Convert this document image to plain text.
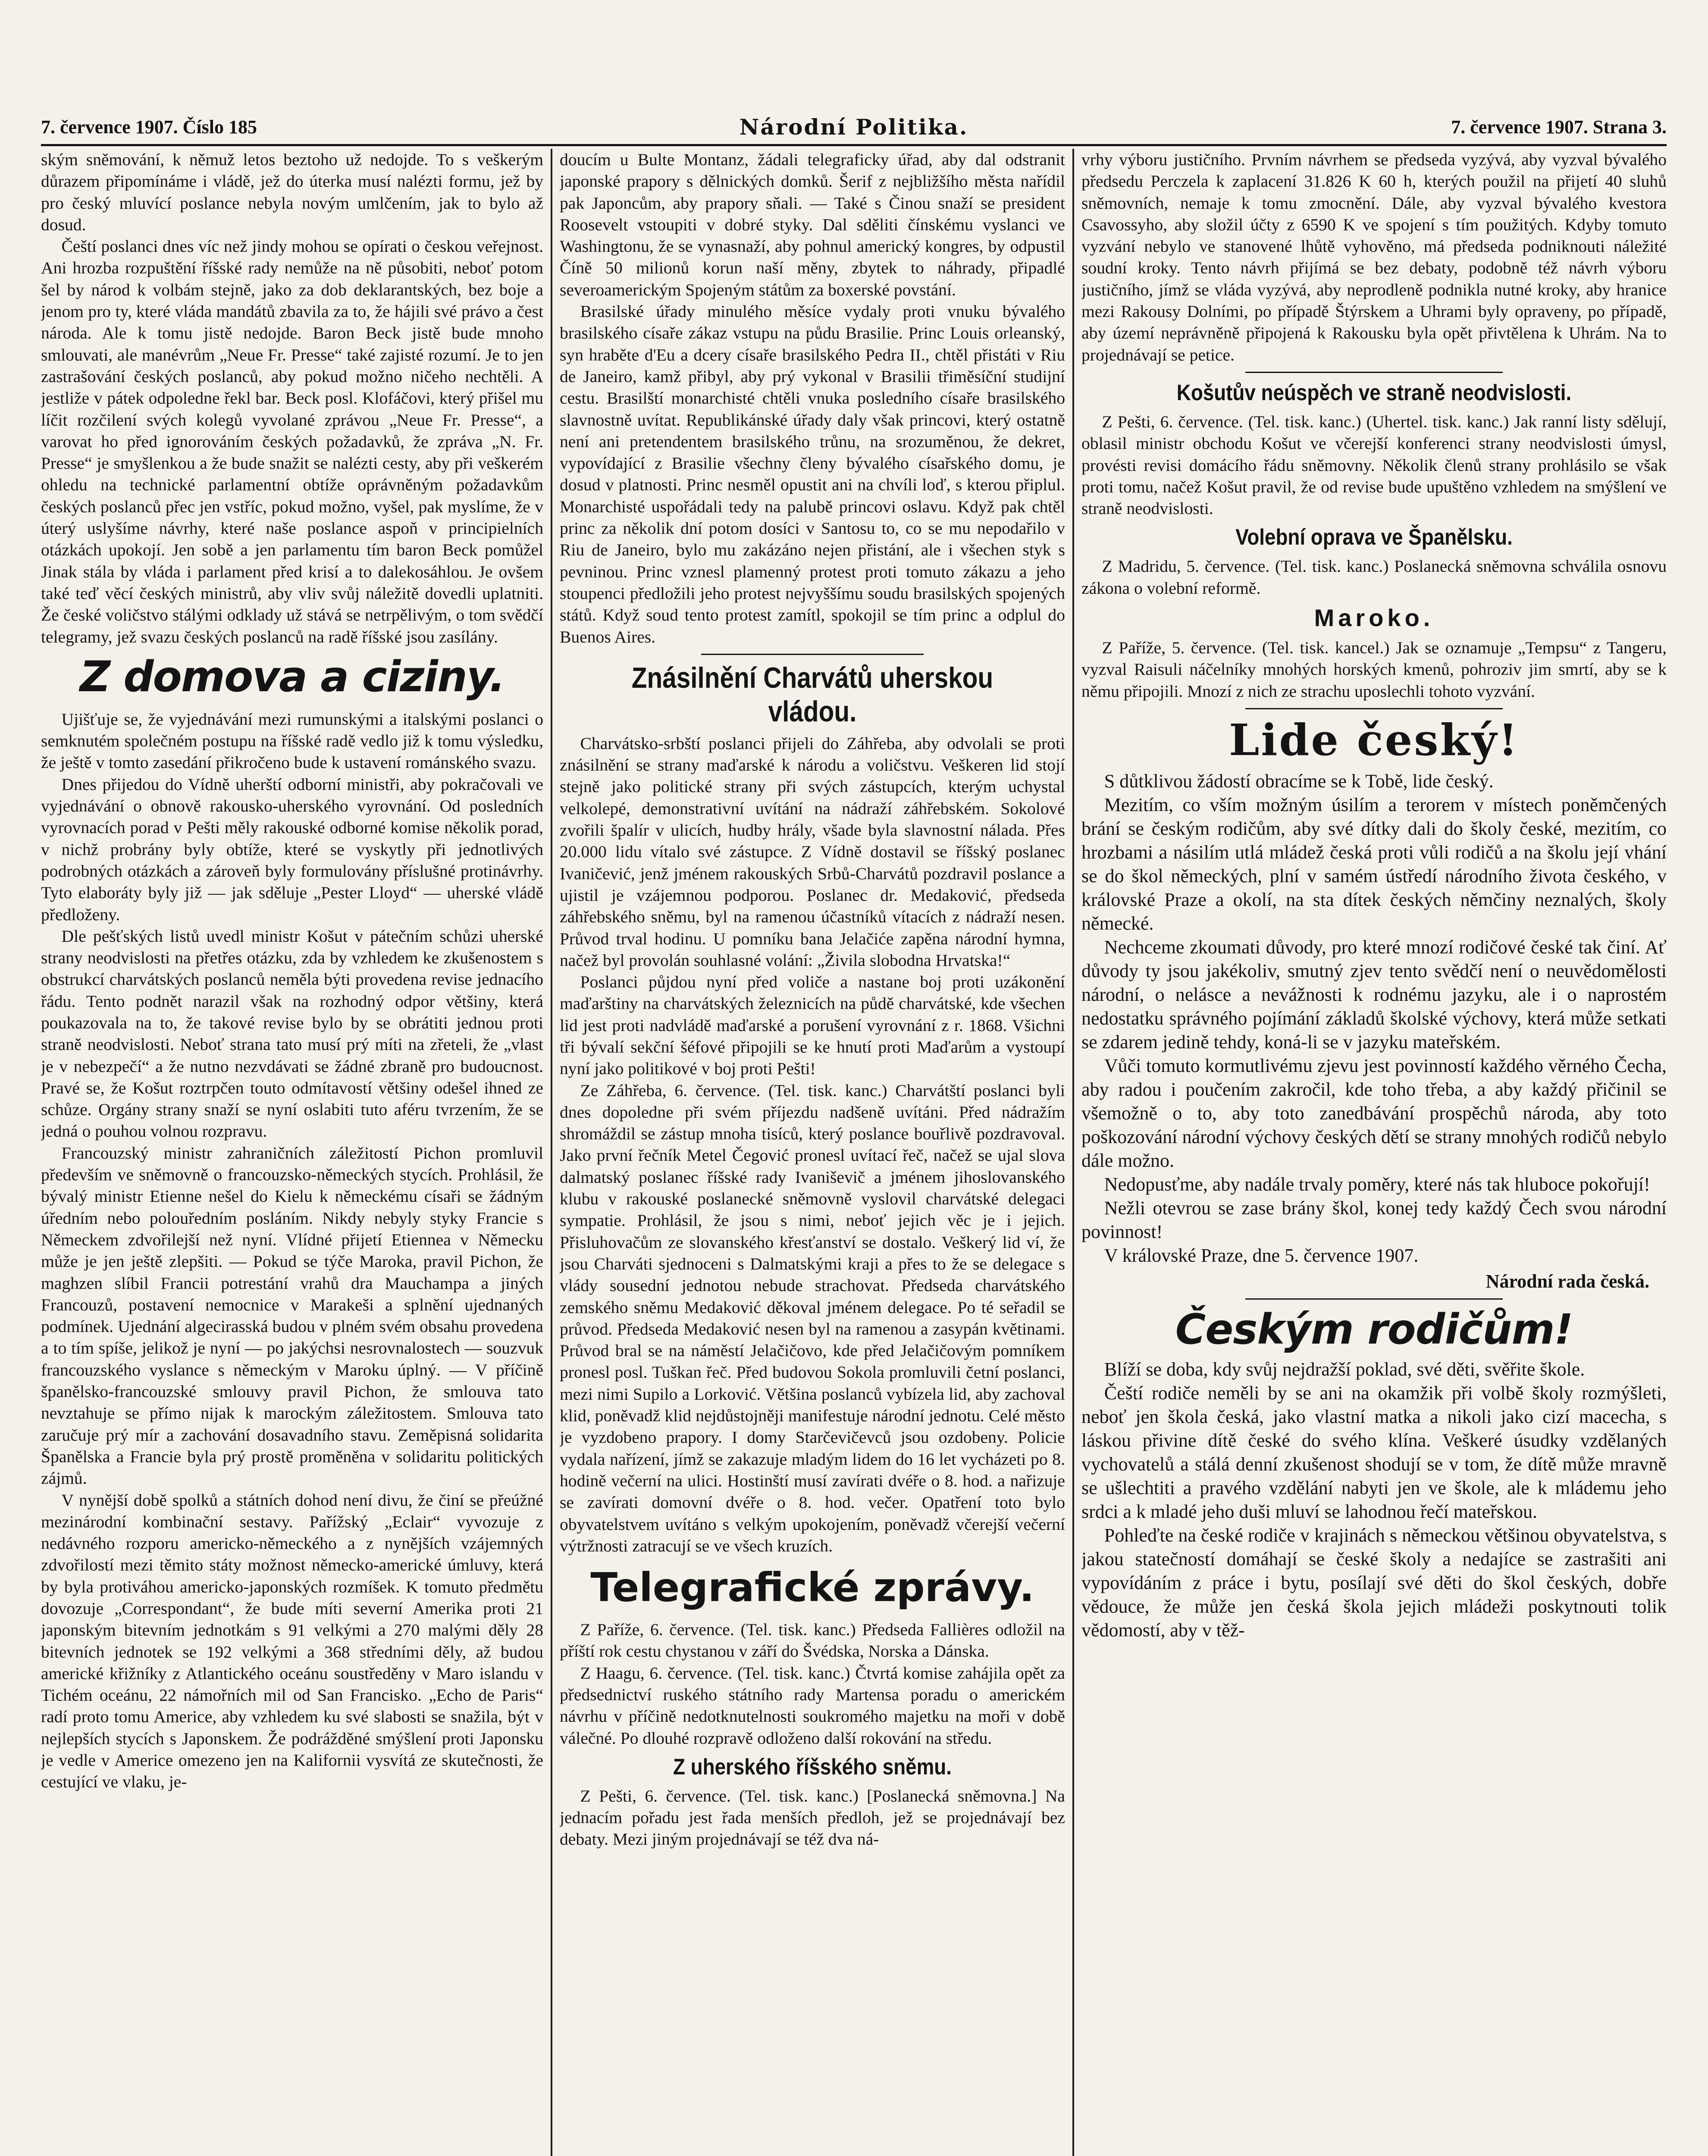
7. července 1907. Číslo 185	Národní Politika.	7. července 1907. Strana 3.

ským sněmování, k němuž letos beztoho už nedojde. To s veškerým důrazem připomínáme i vládě, jež do úterka musí nalézti formu, jež by pro český mluvící poslance nebyla novým umlčením, jak to bylo až dosud.

Čeští poslanci dnes víc než jindy mohou se opírati o českou veřejnost. Ani hrozba rozpuštění říšské rady nemůže na ně působiti, neboť potom šel by národ k volbám stejně, jako za dob deklarantských, bez boje a jenom pro ty, které vláda mandátů zbavila za to, že hájili své právo a čest národa. Ale k tomu jistě nedojde. Baron Beck jistě bude mnoho smlouvati, ale manévrům „Neue Fr. Presse“ také zajisté rozumí. Je to jen zastrašování českých poslanců, aby pokud možno ničeho nechtěli. A jestliže v pátek odpoledne řekl bar. Beck posl. Klofáčovi, který přišel mu líčit rozčilení svých kolegů vyvolané zprávou „Neue Fr. Presse“, a varovat ho před ignorováním českých požadavků, že zpráva „N. Fr. Presse“ je smyšlenkou a že bude snažit se nalézti cesty, aby při veškerém ohledu na technické parlamentní obtíže oprávněným požadavkům českých poslanců přec jen vstříc, pokud možno, vyšel, pak myslíme, že v úterý uslyšíme návrhy, které naše poslance aspoň v principielních otázkách upokojí. Jen sobě a jen parlamentu tím baron Beck pomůžel Jinak stála by vláda i parlament před krisí a to dalekosáhlou. Je ovšem také teď věcí českých ministrů, aby vliv svůj náležitě dovedli uplatniti. Že české voličstvo stálými odklady už stává se netrpělivým, o tom svědčí telegramy, jež svazu českých poslanců na radě říšské jsou zasílány.

Z domova a ciziny.

Ujišťuje se, že vyjednávání mezi rumunskými a italskými poslanci o semknutém společném postupu na říšské radě vedlo již k tomu výsledku, že ještě v tomto zasedání přikročeno bude k ustavení románského svazu.

Dnes přijedou do Vídně uherští odborní ministři, aby pokračovali ve vyjednávání o obnově rakousko-uherského vyrovnání. Od posledních vyrovnacích porad v Pešti měly rakouské odborné komise několik porad, v nichž probrány byly obtíže, které se vyskytly při jednotlivých podrobných otázkách a zároveň byly formulovány příslušné protinávrhy. Tyto elaboráty byly již — jak sděluje „Pester Lloyd“ — uherské vládě předloženy.

Dle pešťských listů uvedl ministr Košut v pátečním schůzi uherské strany neodvislosti na přetřes otázku, zda by vzhledem ke zkušenostem s obstrukcí charvátských poslanců neměla býti provedena revise jednacího řádu. Tento podnět narazil však na rozhodný odpor většiny, která poukazovala na to, že takové revise bylo by se obrátiti jednou proti straně neodvislosti. Neboť strana tato musí prý míti na zřeteli, že „vlast je v nebezpečí“ a že nutno nezvdávati se žádné zbraně pro budoucnost. Pravé se, že Košut roztrpčen touto odmítavostí většiny odešel ihned ze schůze. Orgány strany snaží se nyní oslabiti tuto aféru tvrzením, že se jedná o pouhou volnou rozpravu.

Francouzský ministr zahraničních záležitostí Pichon promluvil především ve sněmovně o francouzsko-německých stycích. Prohlásil, že bývalý ministr Etienne nešel do Kielu k německému císaři se žádným úředním nebo polouředním posláním. Nikdy nebyly styky Francie s Německem zdvořilejší než nyní. Vlídné přijetí Etiennea v Německu může je jen ještě zlepšiti. — Pokud se týče Maroka, pravil Pichon, že maghzen slíbil Francii potrestání vrahů dra Mauchampa a jiných Francouzů, postavení nemocnice v Marakeši a splnění ujednaných podmínek. Ujednání algecirasská budou v plném svém obsahu provedena a to tím spíše, jelikož je nyní — po jakýchsi nesrovnalostech — souzvuk francouzského vyslance s německým v Maroku úplný. — V příčině španělsko-francouzské smlouvy pravil Pichon, že smlouva tato nevztahuje se přímo nijak k marockým záležitostem. Smlouva tato zaručuje prý mír a zachování dosavadního stavu. Zeměpisná solidarita Španělska a Francie byla prý prostě proměněna v solidaritu politických zájmů.

V nynější době spolků a státních dohod není divu, že činí se přeúžné mezinárodní kombinační sestavy. Pařížský „Eclair“ vyvozuje z nedávného rozporu americko-německého a z nynějších vzájemných zdvořilostí mezi těmito státy možnost německo-americké úmluvy, která by byla protiváhou americko-japonských rozmíšek. K tomuto předmětu dovozuje „Correspondant“, že bude míti severní Amerika proti 21 japonským bitevním jednotkám s 91 velkými a 270 malými děly 28 bitevních jednotek se 192 velkými a 368 středními děly, až budou americké křižníky z Atlantického oceánu soustředěny v Maro islandu v Tichém oceánu, 22 námořních mil od San Francisko. „Echo de Paris“ radí proto tomu Americe, aby vzhledem ku své slabosti se snažila, být v nejlepších stycích s Japonskem. Že podrážděné smýšlení proti Japonsku je vedle v Americe omezeno jen na Kalifornii vysvítá ze skutečnosti, že cestující ve vlaku, je-

doucím u Bulte Montanz, žádali telegraficky úřad, aby dal odstranit japonské prapory s dělnických domků. Šerif z nejbližšího města nařídil pak Japoncům, aby prapory sňali. — Také s Činou snaží se president Roosevelt vstoupiti v dobré styky. Dal sděliti čínskému vyslanci ve Washingtonu, že se vynasnaží, aby pohnul americký kongres, by odpustil Číně 50 milionů korun naší měny, zbytek to náhrady, připadlé severoamerickým Spojeným státům za boxerské povstání.

Brasilské úřady minulého měsíce vydaly proti vnuku bývalého brasilského císaře zákaz vstupu na půdu Brasilie. Princ Louis orleanský, syn hraběte d'Eu a dcery císaře brasilského Pedra II., chtěl přistáti v Riu de Janeiro, kamž přibyl, aby prý vykonal v Brasilii třiměsíční studijní cestu. Brasilští monarchisté chtěli vnuka posledního císaře brasilského slavnostně uvítat. Republikánské úřady daly však princovi, který ostatně není ani pretendentem brasilského trůnu, na srozuměnou, že dekret, vypovídající z Brasilie všechny členy bývalého císařského domu, je dosud v platnosti. Princ nesměl opustit ani na chvíli loď, s kterou připlul. Monarchisté uspořádali tedy na palubě princovi oslavu. Když pak chtěl princ za několik dní potom dosíci v Santosu to, co se mu nepodařilo v Riu de Janeiro, bylo mu zakázáno nejen přistání, ale i všechen styk s pevninou. Princ vznesl plamenný protest proti tomuto zákazu a jeho stoupenci předložili jeho protest nejvyššímu soudu brasilských spojených států. Když soud tento protest zamítl, spokojil se tím princ a odplul do Buenos Aires.

Znásilnění Charvátů uherskou vládou.

Charvátsko-srbští poslanci přijeli do Záhřeba, aby odvolali se proti znásilnění se strany maďarské k národu a voličstvu. Veškeren lid stojí stejně jako politické strany při svých zástupcích, kterým uchystal velkolepé, demonstrativní uvítání na nádraží záhřebském. Sokolové zvořili špalír v ulicích, hudby hrály, všade byla slavnostní nálada. Přes 20.000 lidu vítalo své zástupce. Z Vídně dostavil se říšský poslanec Ivaničević, jenž jménem rakouských Srbů-Charvátů pozdravil poslance a ujistil je vzájemnou podporou. Poslanec dr. Medaković, předseda záhřebského sněmu, byl na ramenou účastníků vítacích z nádraží nesen. Průvod trval hodinu. U pomníku bana Jelačiće zapěna národní hymna, načež byl provolán souhlasné volání: „Živila slobodna Hrvatska!“

Poslanci půjdou nyní před voliče a nastane boj proti uzákonění maďarštiny na charvátských železnicích na půdě charvátské, kde všechen lid jest proti nadvládě maďarské a porušení vyrovnání z r. 1868. Všichni tři bývalí sekční šéfové připojili se ke hnutí proti Maďarům a vystoupí nyní jako politikové v boj proti Pešti!

Ze Záhřeba, 6. července. (Tel. tisk. kanc.) Charvátští poslanci byli dnes dopoledne při svém příjezdu nadšeně uvítáni. Před nádražím shromáždil se zástup mnoha tisíců, který poslance bouřlivě pozdravoval. Jako první řečník Metel Čegović pronesl uvítací řeč, načež se ujal slova dalmatský poslanec říšské rady Ivaniševič a jménem jihoslovanského klubu v rakouské poslanecké sněmovně vyslovil charvátské delegaci sympatie. Prohlásil, že jsou s nimi, neboť jejich věc je i jejich. Přisluhovačům ze slovanského křesťanství se dostalo. Veškerý lid ví, že jsou Charváti sjednoceni s Dalmatskými kraji a přes to že se delegace s vlády sousední jednotou nebude strachovat. Předseda charvátského zemského sněmu Medaković děkoval jménem delegace. Po té seřadil se průvod. Předseda Medaković nesen byl na ramenou a zasypán květinami. Průvod bral se na náměstí Jelačičovo, kde před Jelačičovým pomníkem pronesl posl. Tuškan řeč. Před budovou Sokola promluvili četní poslanci, mezi nimi Supilo a Lorković. Většina poslanců vybízela lid, aby zachoval klid, poněvadž klid nejdůstojněji manifestuje národní jednotu. Celé město je vyzdobeno prapory. I domy Starčevičevců jsou ozdobeny. Policie vydala nařízení, jímž se zakazuje mladým lidem do 16 let vycházeti po 8. hodině večerní na ulici. Hostinští musí zavírati dvéře o 8. hod. a nařizuje se zavírati domovní dvéře o 8. hod. večer. Opatření toto bylo obyvatelstvem uvítáno s velkým upokojením, poněvadž včerejší večerní výtržnosti zatracují se ve všech kruzích.

Telegrafické zprávy.

Z Paříže, 6. července. (Tel. tisk. kanc.) Předseda Fallières odložil na příští rok cestu chystanou v září do Švédska, Norska a Dánska.

Z Haagu, 6. července. (Tel. tisk. kanc.) Čtvrtá komise zahájila opět za předsednictví ruského státního rady Martensa poradu o americkém návrhu v příčině nedotknutelnosti soukromého majetku na moři v době válečné. Po dlouhé rozpravě odloženo další rokování na středu.

Z uherského říšského sněmu.

Z Pešti, 6. července. (Tel. tisk. kanc.) [Poslanecká sněmovna.] Na jednacím pořadu jest řada menších předloh, jež se projednávají bez debaty. Mezi jiným projednávají se též dva ná-

vrhy výboru justičního. Prvním návrhem se předseda vyzývá, aby vyzval bývalého předsedu Perczela k zaplacení 31.826 K 60 h, kterých použil na přijetí 40 sluhů sněmovních, nemaje k tomu zmocnění. Dále, aby vyzval bývalého kvestora Csavossyho, aby složil účty z 6590 K ve spojení s tím použitých. Kdyby tomuto vyzvání nebylo ve stanovené lhůtě vyhověno, má předseda podniknouti náležité soudní kroky. Tento návrh přijímá se bez debaty, podobně též návrh výboru justičního, jímž se vláda vyzývá, aby neprodleně podnikla nutné kroky, aby hranice mezi Rakousy Dolními, po případě Štýrskem a Uhrami byly opraveny, po případě, aby území neprávněně připojená k Rakousku byla opět přivtělena k Uhrám. Na to projednávají se petice.

Košutův neúspěch ve straně neodvislosti.

Z Pešti, 6. července. (Tel. tisk. kanc.) (Uhertel. tisk. kanc.) Jak ranní listy sdělují, oblasil ministr obchodu Košut ve včerejší konferenci strany neodvislosti úmysl, provésti revisi domácího řádu sněmovny. Několik členů strany prohlásilo se však proti tomu, načež Košut pravil, že od revise bude upuštěno vzhledem na smýšlení ve straně neodvislosti.

Volební oprava ve Španělsku.

Z Madridu, 5. července. (Tel. tisk. kanc.) Poslanecká sněmovna schválila osnovu zákona o volební reformě.

Maroko.

Z Paříže, 5. července. (Tel. tisk. kancel.) Jak se oznamuje „Tempsu“ z Tangeru, vyzval Raisuli náčelníky mnohých horských kmenů, pohroziv jim smrtí, aby se k němu připojili. Mnozí z nich ze strachu uposlechli tohoto vyzvání.

Lide český!

S důtklivou žádostí obracíme se k Tobě, lide český.

Mezitím, co vším možným úsilím a terorem v místech poněmčených brání se českým rodičům, aby své dítky dali do školy české, mezitím, co hrozbami a násilím utlá mládež česká proti vůli rodičů a na školu její vhání se do škol německých, plní v samém ústředí národního života českého, v královské Praze a okolí, na sta dítek českých němčiny neznalých, školy německé.

Nechceme zkoumati důvody, pro které mnozí rodičové české tak činí. Ať důvody ty jsou jakékoliv, smutný zjev tento svědčí není o neuvědomělosti národní, o nelásce a nevážnosti k rodnému jazyku, ale i o naprostém nedostatku správného pojímání základů školské výchovy, která může setkati se zdarem jedině tehdy, koná-li se v jazyku mateřském.

Vůči tomuto kormutlivému zjevu jest povinností každého věrného Čecha, aby radou i poučením zakročil, kde toho třeba, a aby každý přičinil se všemožně o to, aby toto zanedbávání prospěchů národa, aby toto poškozování národní výchovy českých dětí se strany mnohých rodičů nebylo dále možno.

Nedopusťme, aby nadále trvaly poměry, které nás tak hluboce pokořují!

Nežli otevrou se zase brány škol, konej tedy každý Čech svou národní povinnost!

V královské Praze, dne 5. července 1907.

Národní rada česká.
Českým rodičům!

Blíží se doba, kdy svůj nejdražší poklad, své děti, svěřite škole.

Čeští rodiče neměli by se ani na okamžik při volbě školy rozmýšleti, neboť jen škola česká, jako vlastní matka a nikoli jako cizí macecha, s láskou přivine dítě české do svého klína. Veškeré úsudky vzdělaných vychovatelů a stálá denní zkušenost shodují se v tom, že dítě může mravně se ušlechtiti a pravého vzdělání nabyti jen ve škole, ale k mládemu jeho srdci a k mladé jeho duši mluví se lahodnou řečí mateřskou.

Pohleďte na české rodiče v krajinách s německou většinou obyvatelstva, s jakou statečností domáhají se české školy a nedajíce se zastrašiti ani vypovídáním z práce i bytu, posílají své děti do škol českých, dobře vědouce, že může jen česká škola jejich mládeži poskytnouti tolik vědomostí, aby v těž-
